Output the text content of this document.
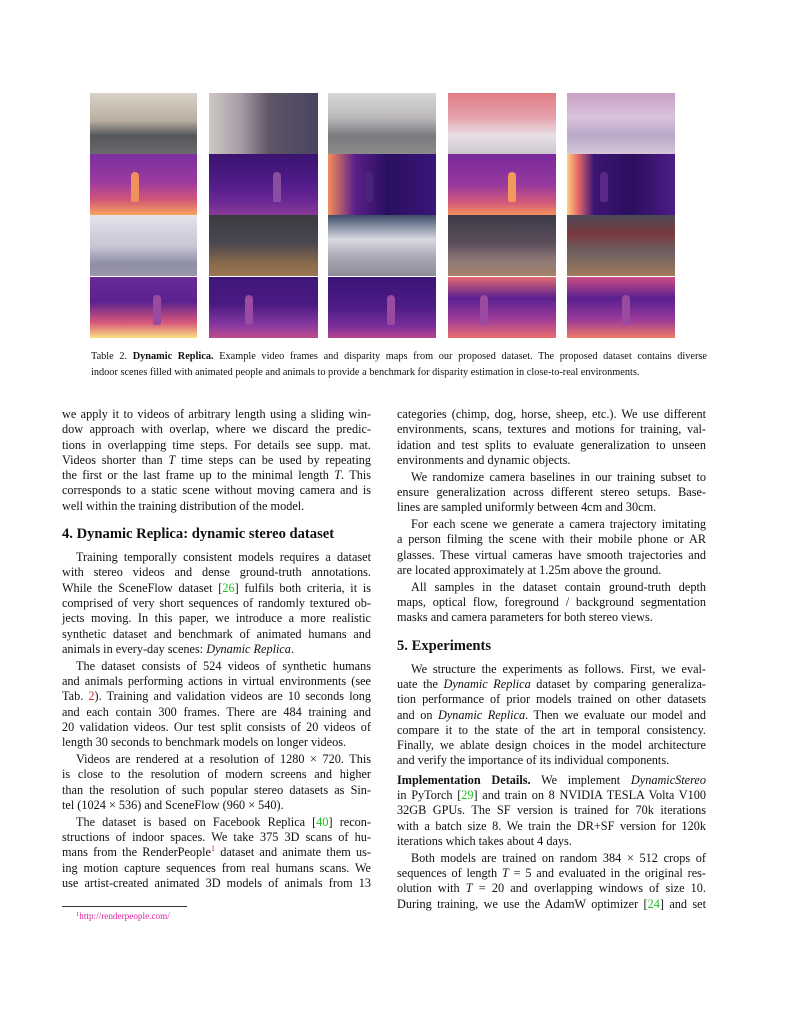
Table 2. Dynamic Replica. Example video frames and disparity maps from our proposed dataset. The proposed dataset contains diverse
indoor scenes filled with animated people and animals to provide a benchmark for disparity estimation in close-to-real environments.
we apply it to videos of arbitrary length using a sliding win-
dow approach with overlap, where we discard the predic-
tions in overlapping time steps. For details see supp. mat.
Videos shorter than T time steps can be used by repeating
the first or the last frame up to the minimal length T. This
corresponds to a static scene without moving camera and is
well within the training distribution of the model.
4. Dynamic Replica: dynamic stereo dataset
Training temporally consistent models requires a dataset
with stereo videos and dense ground-truth annotations.
While the SceneFlow dataset [26] fulfils both criteria, it is
comprised of very short sequences of randomly textured ob-
jects moving. In this paper, we introduce a more realistic
synthetic dataset and benchmark of animated humans and
animals in every-day scenes: Dynamic Replica.
The dataset consists of 524 videos of synthetic humans
and animals performing actions in virtual environments (see
Tab. 2). Training and validation videos are 10 seconds long
and each contain 300 frames. There are 484 training and
20 validation videos. Our test split consists of 20 videos of
length 30 seconds to benchmark models on longer videos.
Videos are rendered at a resolution of 1280 × 720. This
is close to the resolution of modern screens and higher
than the resolution of such popular stereo datasets as Sin-
tel (1024 × 536) and SceneFlow (960 × 540).
The dataset is based on Facebook Replica [40] recon-
structions of indoor spaces. We take 375 3D scans of hu-
mans from the RenderPeople$^1$ dataset and animate them us-
ing motion capture sequences from real humans scans. We
use artist-created animated 3D models of animals from 13
categories (chimp, dog, horse, sheep, etc.). We use different
environments, scans, textures and motions for training, val-
idation and test splits to evaluate generalization to unseen
environments and dynamic objects.
We randomize camera baselines in our training subset to
ensure generalization across different stereo setups. Base-
lines are sampled uniformly between 4cm and 30cm.
For each scene we generate a camera trajectory imitating
a person filming the scene with their mobile phone or AR
glasses. These virtual cameras have smooth trajectories and
are located approximately at 1.25m above the ground.
All samples in the dataset contain ground-truth depth
maps, optical flow, foreground / background segmentation
masks and camera parameters for both stereo views.
5. Experiments
We structure the experiments as follows. First, we eval-
uate the Dynamic Replica dataset by comparing generaliza-
tion performance of prior models trained on other datasets
and on Dynamic Replica. Then we evaluate our model and
compare it to the state of the art in temporal consistency.
Finally, we ablate design choices in the model architecture
and verify the importance of its individual components.
Implementation Details. We implement DynamicStereo
in PyTorch [29] and train on 8 NVIDIA TESLA Volta V100
32GB GPUs. The SF version is trained for 70k iterations
with a batch size 8. We train the DR+SF version for 120k
iterations which takes about 4 days.
Both models are trained on random 384 × 512 crops of
sequences of length T = 5 and evaluated in the original res-
olution with T = 20 and overlapping windows of size 10.
During training, we use the AdamW optimizer [24] and set
$^1$http://renderpeople.com/
